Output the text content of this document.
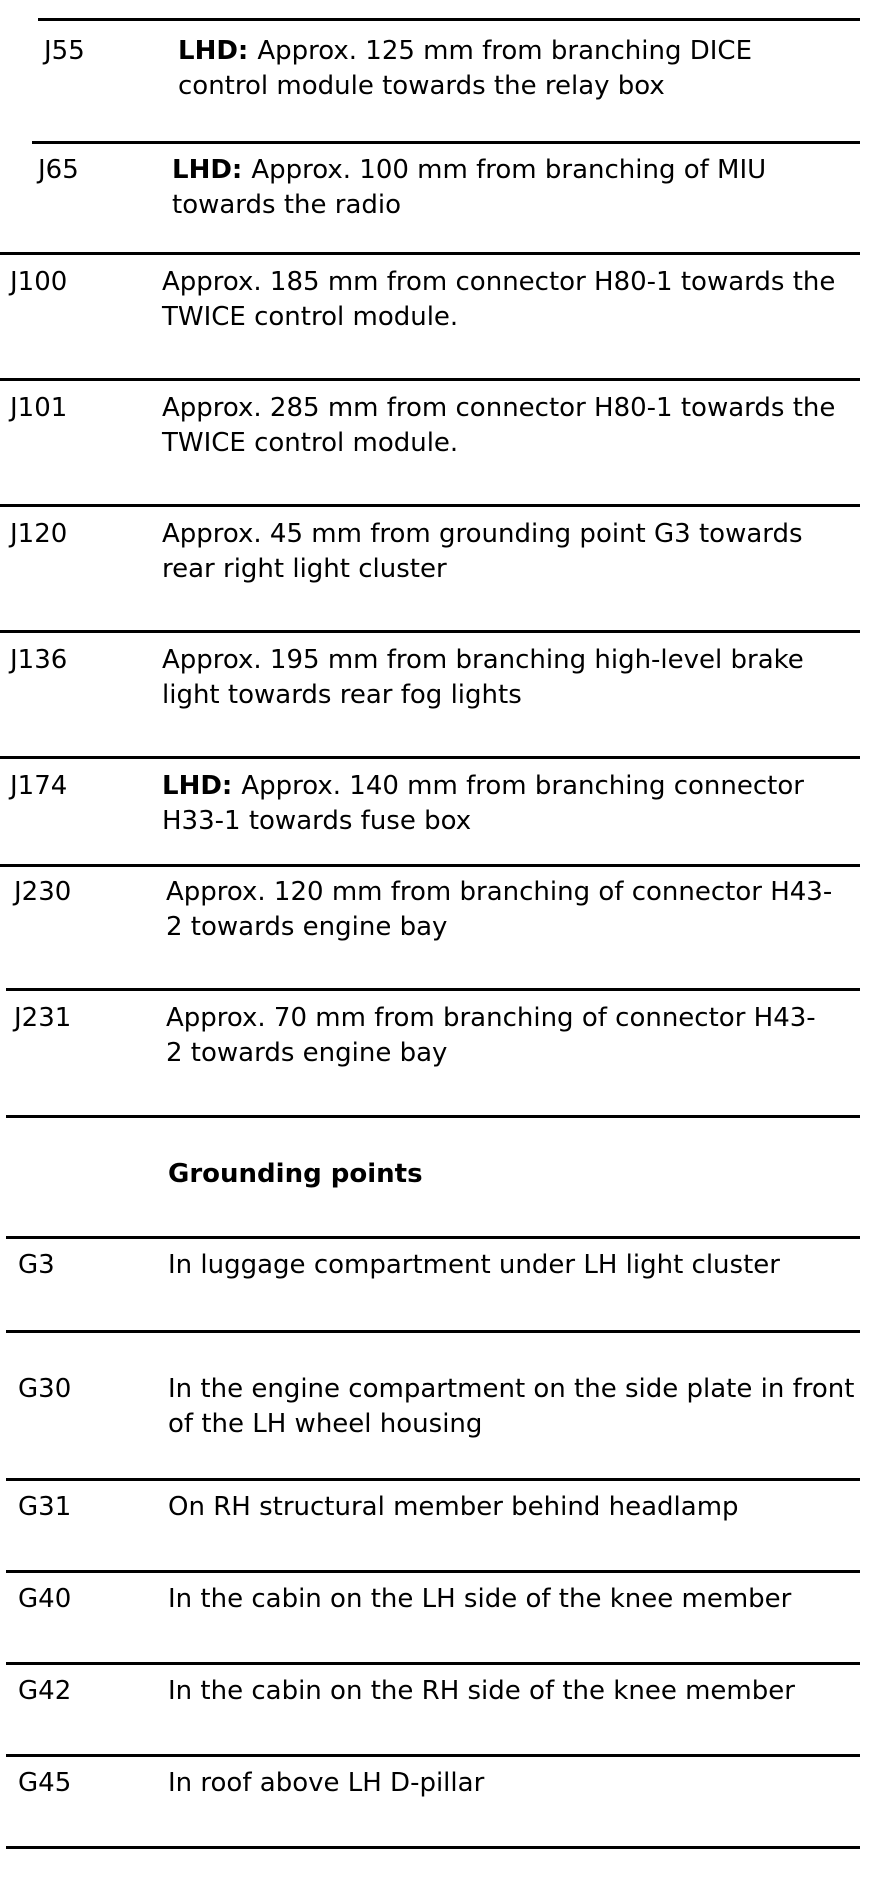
J55	LHD: Approx. 125 mm from branching DICE control module towards the relay box
J65	LHD: Approx. 100 mm from branching of MIU towards the radio
J100	Approx. 185 mm from connector H80-1 towards the TWICE control module.
J101	Approx. 285 mm from connector H80-1 towards the TWICE control module.
J120	Approx. 45 mm from grounding point G3 towards rear right light cluster
J136	Approx. 195 mm from branching high-level brake light towards rear fog lights
J174	LHD: Approx. 140 mm from branching connector H33-1 towards fuse box
J230	Approx. 120 mm from branching of connector H43-2 towards engine bay
J231	Approx. 70 mm from branching of connector H43-2 towards engine bay
Grounding points
G3	In luggage compartment under LH light cluster
G30	In the engine compartment on the side plate in front of the LH wheel housing
G31	On RH structural member behind headlamp
G40	In the cabin on the LH side of the knee member
G42	In the cabin on the RH side of the knee member
G45	In roof above LH D-pillar
